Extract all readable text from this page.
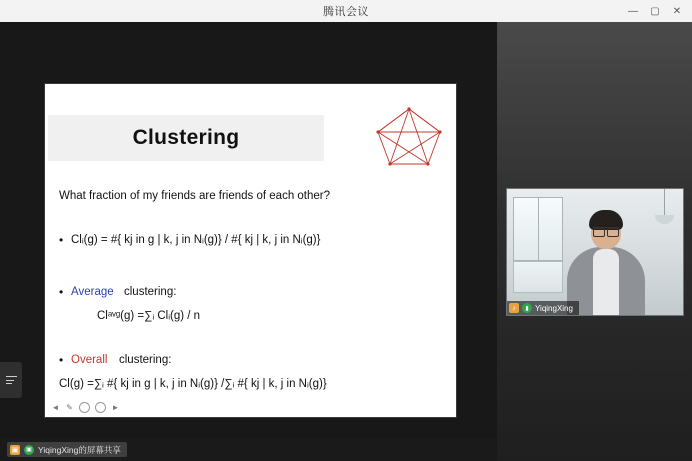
腾讯会议	—	▢	✕
Clustering
What fraction of my friends are friends of each other?
• Clᵢ(g) = #{ kj in g | k, j in Nᵢ(g)} / #{ kj | k, j in Nᵢ(g)}
• Average clustering:
Clᵃᵛᵍ(g) =∑ᵢ Clᵢ(g) / n
• Overall clustering:
Cl(g) =∑ᵢ #{ kj in g | k, j in Nᵢ(g)} /∑ᵢ #{ kj | k, j in Nᵢ(g)}
◄ ✎	►
♪	▮ YiqingXing
▣	▣ YiqingXing的屏幕共享
